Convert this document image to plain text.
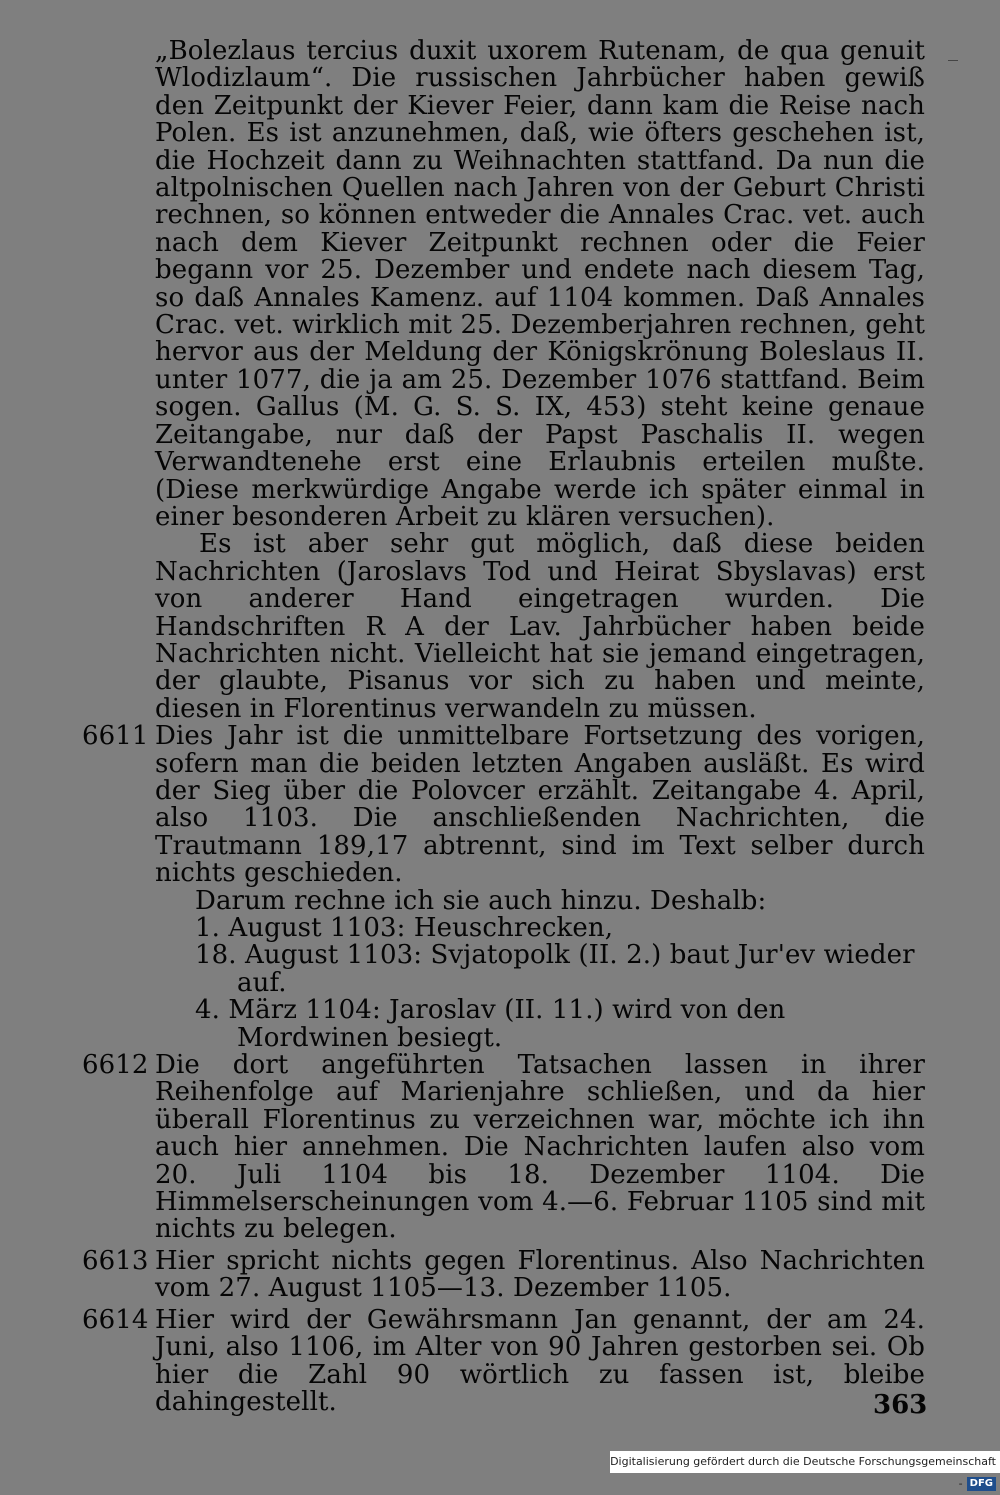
„Bolezlaus tercius duxit uxorem Rutenam, de qua genuit Wlodizlaum“. Die russischen Jahrbücher haben gewiß den Zeitpunkt der Kiever Feier, dann kam die Reise nach Polen. Es ist anzunehmen, daß, wie öfters geschehen ist, die Hochzeit dann zu Weihnachten stattfand. Da nun die altpolnischen Quellen nach Jahren von der Geburt Christi rechnen, so können entweder die Annales Crac. vet. auch nach dem Kiever Zeitpunkt rechnen oder die Feier begann vor 25. Dezember und endete nach diesem Tag, so daß Annales Kamenz. auf 1104 kommen. Daß Annales Crac. vet. wirklich mit 25. Dezemberjahren rechnen, geht hervor aus der Meldung der Königskrönung Boleslaus II. unter 1077, die ja am 25. Dezember 1076 stattfand. Beim sogen. Gallus (M. G. S. S. IX, 453) steht keine genaue Zeitangabe, nur daß der Papst Paschalis II. wegen Verwandtenehe erst eine Erlaubnis erteilen mußte. (Diese merkwürdige Angabe werde ich später einmal in einer besonderen Arbeit zu klären versuchen).

Es ist aber sehr gut möglich, daß diese beiden Nachrichten (Jaroslavs Tod und Heirat Sbyslavas) erst von anderer Hand eingetragen wurden. Die Handschriften R A der Lav. Jahrbücher haben beide Nachrichten nicht. Vielleicht hat sie jemand eingetragen, der glaubte, Pisanus vor sich zu haben und meinte, diesen in Florentinus verwandeln zu müssen.

6611 Dies Jahr ist die unmittelbare Fortsetzung des vorigen, sofern man die beiden letzten Angaben ausläßt. Es wird der Sieg über die Polovcer erzählt. Zeitangabe 4. April, also 1103. Die anschließenden Nachrichten, die Trautmann 189,17 abtrennt, sind im Text selber durch nichts geschieden.

Darum rechne ich sie auch hinzu. Deshalb:

1. August 1103: Heuschrecken,

18. August 1103: Svjatopolk (II. 2.) baut Jur'ev wieder auf.

4. März 1104: Jaroslav (II. 11.) wird von den Mordwinen besiegt.

6612 Die dort angeführten Tatsachen lassen in ihrer Reihenfolge auf Marienjahre schließen, und da hier überall Florentinus zu verzeichnen war, möchte ich ihn auch hier annehmen. Die Nachrichten laufen also vom 20. Juli 1104 bis 18. Dezember 1104. Die Himmelserscheinungen vom 4.—6. Februar 1105 sind mit nichts zu belegen.

6613 Hier spricht nichts gegen Florentinus. Also Nachrichten vom 27. August 1105—13. Dezember 1105.

6614 Hier wird der Gewährsmann Jan genannt, der am 24. Juni, also 1106, im Alter von 90 Jahren gestorben sei. Ob hier die Zahl 90 wörtlich zu fassen ist, bleibe dahingestellt.	363
Digitalisierung gefördert durch die Deutsche Forschungsgemeinschaft - DFG
